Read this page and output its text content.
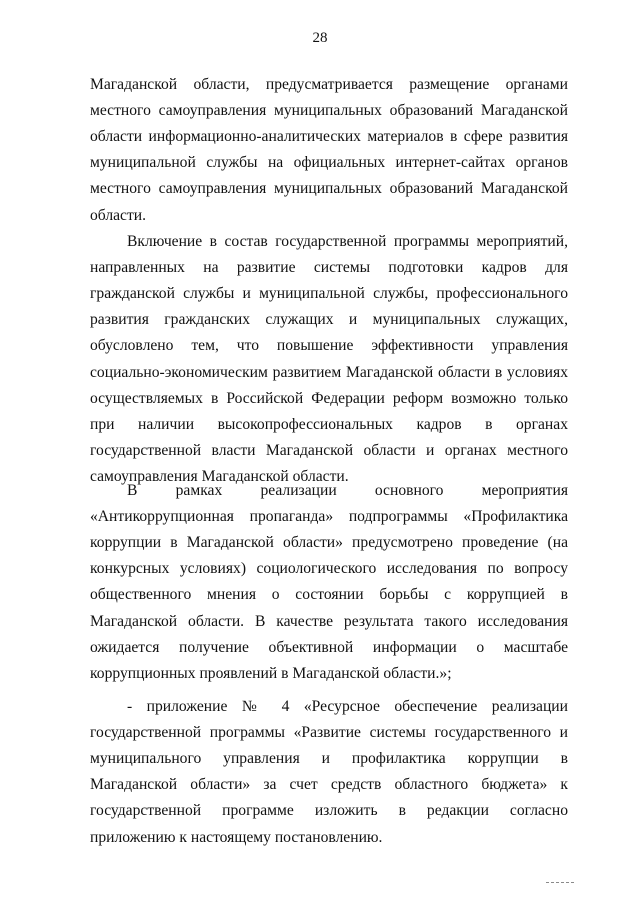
28

Магаданской области, предусматривается размещение органами местного самоуправления муниципальных образований Магаданской области информационно-аналитических материалов в сфере развития муниципальной службы на официальных интернет-сайтах органов местного самоуправления муниципальных образований Магаданской области.

Включение в состав государственной программы мероприятий, направленных на развитие системы подготовки кадров для гражданской службы и муниципальной службы, профессионального развития гражданских служащих и муниципальных служащих, обусловлено тем, что повышение эффективности управления социально-экономическим развитием Магаданской области в условиях осуществляемых в Российской Федерации реформ возможно только при наличии высокопрофессиональных кадров в органах государственной власти Магаданской области и органах местного самоуправления Магаданской области.

В рамках реализации основного мероприятия «Антикоррупционная пропаганда» подпрограммы «Профилактика коррупции в Магаданской области» предусмотрено проведение (на конкурсных условиях) социологического исследования по вопросу общественного мнения о состоянии борьбы с коррупцией в Магаданской области. В качестве результата такого исследования ожидается получение объективной информации о масштабе коррупционных проявлений в Магаданской области.»;

- приложение № 4 «Ресурсное обеспечение реализации государственной программы «Развитие системы государственного и муниципального управления и профилактика коррупции в Магаданской области» за счет средств областного бюджета» к государственной программе изложить в редакции согласно приложению к настоящему постановлению.
